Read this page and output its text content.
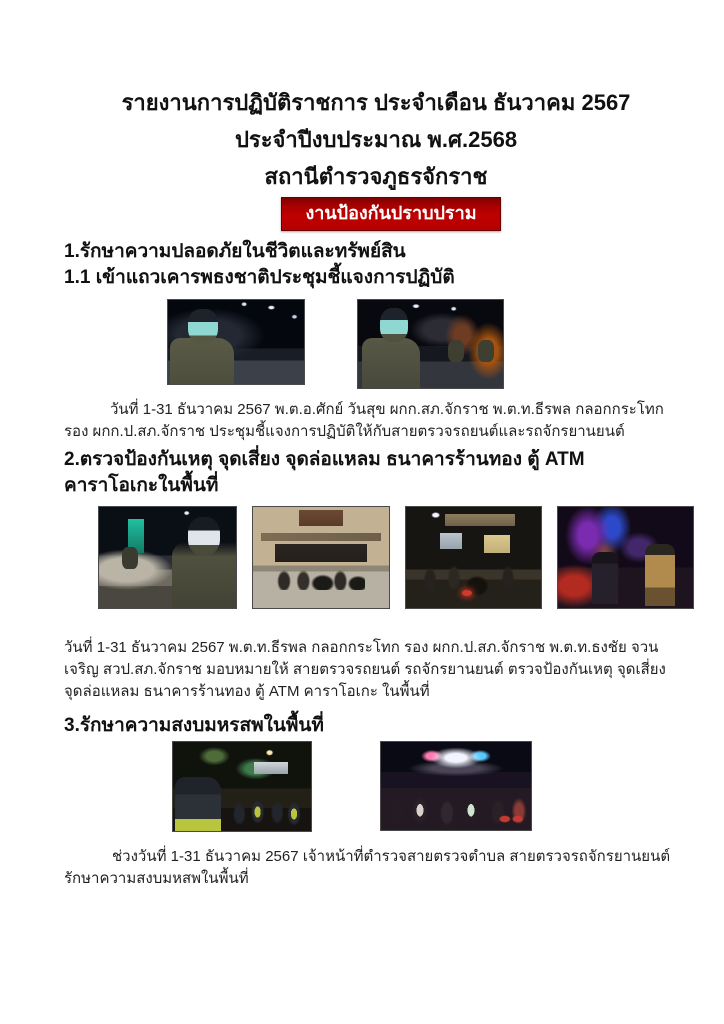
รายงานการปฏิบัติราชการ ประจำเดือน ธันวาคม 2567
ประจำปีงบประมาณ พ.ศ.2568
สถานีตำรวจภูธรจักราช
งานป้องกันปราบปราม
1.รักษาความปลอดภัยในชีวิตและทรัพย์สิน
1.1 เข้าแถวเคารพธงชาติประชุมชี้แจงการปฏิบัติ
วันที่ 1-31 ธันวาคม 2567 พ.ต.อ.ศักย์ วันสุข ผกก.สภ.จักราช พ.ต.ท.ธีรพล กลอกกระโทก รอง ผกก.ป.สภ.จักราช ประชุมชี้แจงการปฏิบัติให้กับสายตรวจรถยนต์และรถจักรยานยนต์
2.ตรวจป้องกันเหตุ จุดเสี่ยง จุดล่อแหลม ธนาคารร้านทอง ตู้ ATM คาราโอเกะในพื้นที่
วันที่ 1-31 ธันวาคม 2567 พ.ต.ท.ธีรพล กลอกกระโทก รอง ผกก.ป.สภ.จักราช พ.ต.ท.ธงชัย จวนเจริญ สวป.สภ.จักราช มอบหมายให้ สายตรวจรถยนต์ รถจักรยานยนต์ ตรวจป้องกันเหตุ จุดเสี่ยง จุดล่อแหลม ธนาคารร้านทอง ตู้ ATM คาราโอเกะ ในพื้นที่
3.รักษาความสงบมหรสพในพื้นที่
ช่วงวันที่ 1-31 ธันวาคม 2567 เจ้าหน้าที่ตำรวจสายตรวจตำบล สายตรวจรถจักรยานยนต์รักษาความสงบมหสพในพื้นที่
